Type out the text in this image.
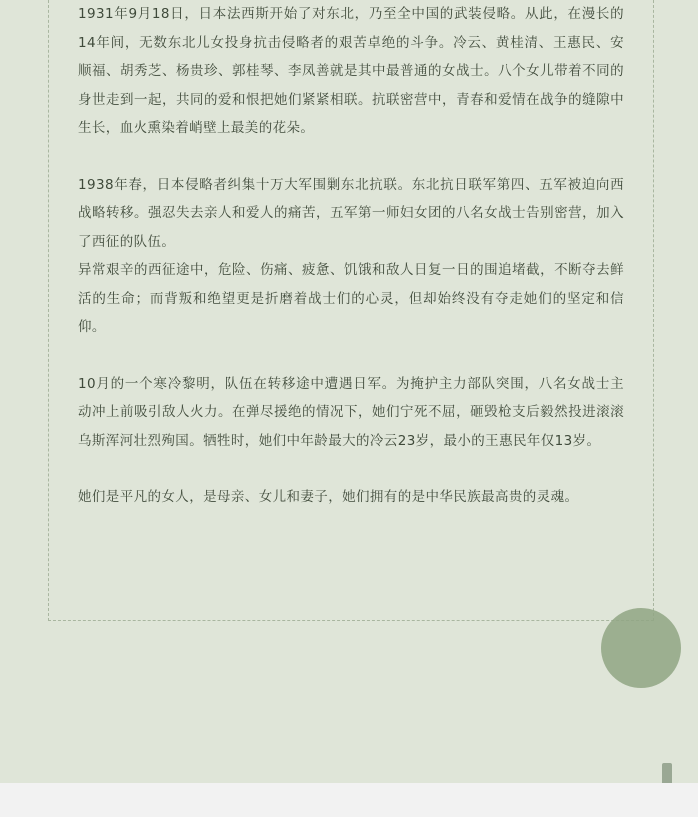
1931年9月18日，日本法西斯开始了对东北，乃至全中国的武装侵略。从此，在漫长的14年间，无数东北儿女投身抗击侵略者的艰苦卓绝的斗争。冷云、黄桂清、王惠民、安顺福、胡秀芝、杨贵珍、郭桂琴、李凤善就是其中最普通的女战士。八个女儿带着不同的身世走到一起，共同的爱和恨把她们紧紧相联。抗联密营中，青春和爱情在战争的缝隙中生长，血火熏染着峭壁上最美的花朵。

1938年春，日本侵略者纠集十万大军围剿东北抗联。东北抗日联军第四、五军被迫向西战略转移。强忍失去亲人和爱人的痛苦，五军第一师妇女团的八名女战士告别密营，加入了西征的队伍。

异常艰辛的西征途中，危险、伤痛、疲惫、饥饿和敌人日复一日的围追堵截，不断夺去鲜活的生命；而背叛和绝望更是折磨着战士们的心灵，但却始终没有夺走她们的坚定和信仰。

10月的一个寒冷黎明，队伍在转移途中遭遇日军。为掩护主力部队突围，八名女战士主动冲上前吸引敌人火力。在弹尽援绝的情况下，她们宁死不屈，砸毁枪支后毅然投进滚滚乌斯浑河壮烈殉国。牺牲时，她们中年龄最大的冷云23岁，最小的王惠民年仅13岁。

她们是平凡的女人，是母亲、女儿和妻子，她们拥有的是中华民族最高贵的灵魂。
